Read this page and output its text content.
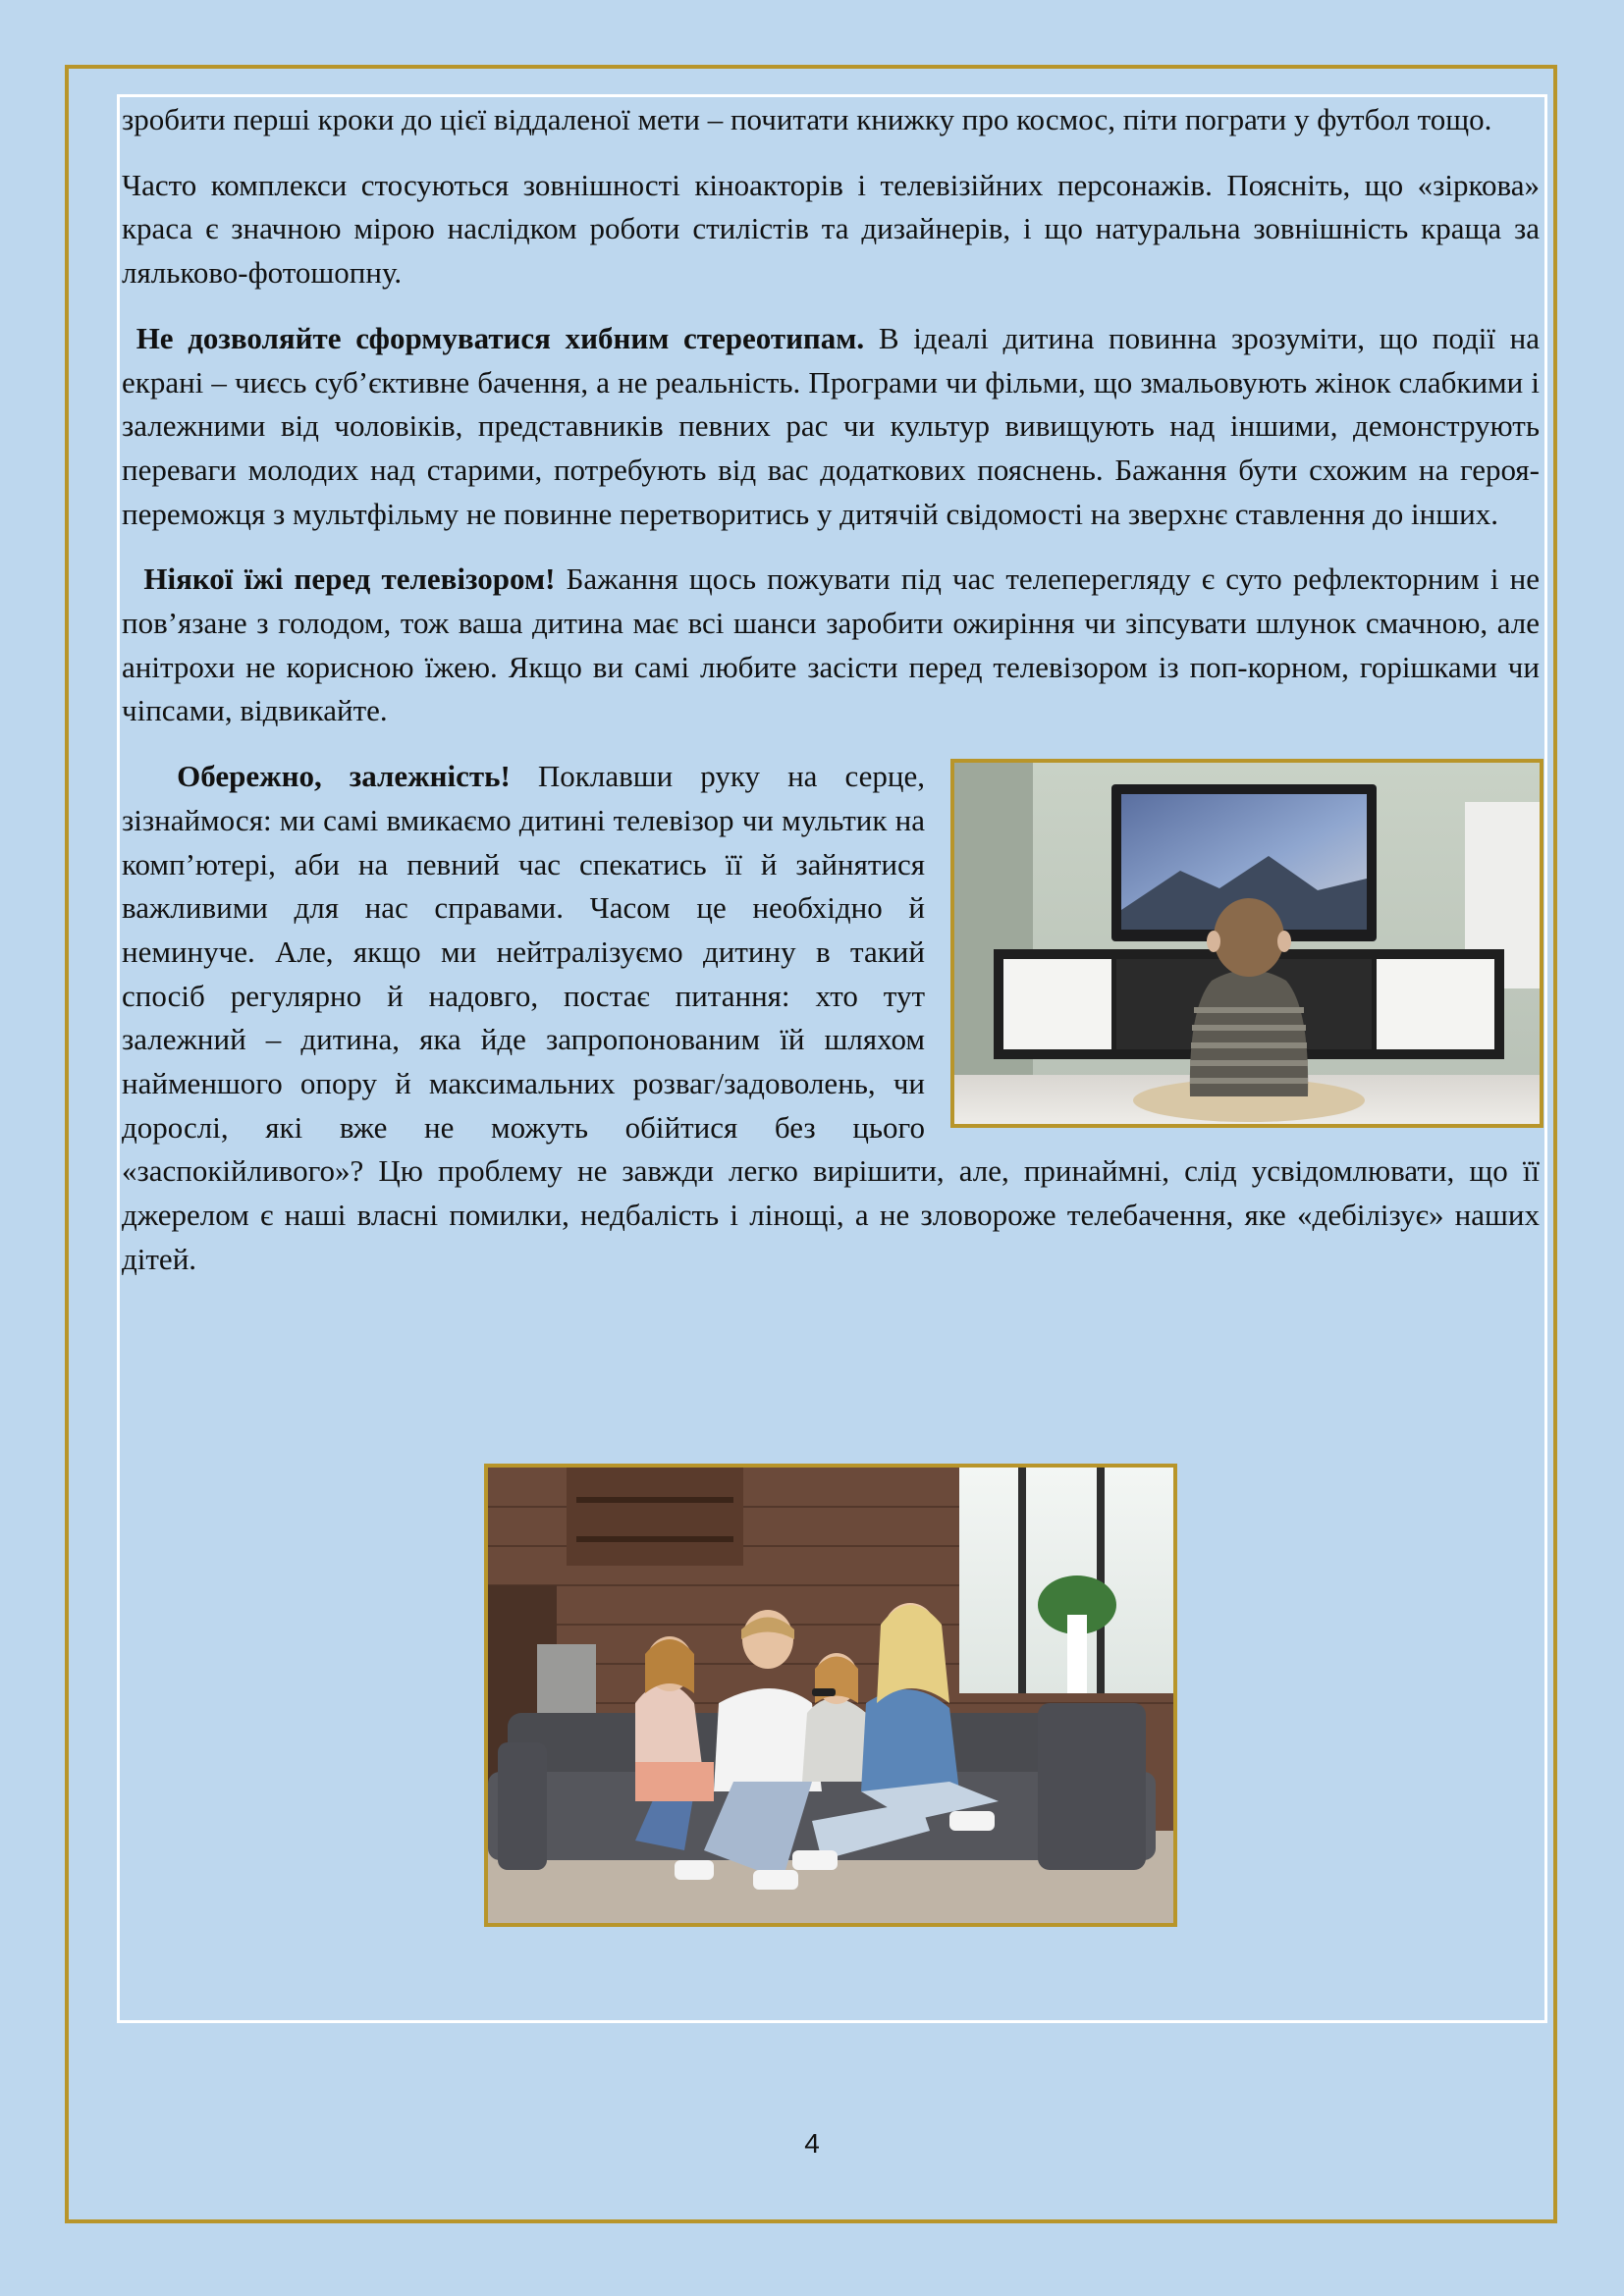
зробити перші кроки до цієї віддаленої мети – почитати книжку про космос, піти пограти у футбол тощо.

Часто комплекси стосуються зовнішності кіноакторів і телевізійних персонажів. Поясніть, що «зіркова» краса є значною мірою наслідком роботи стилістів та дизайнерів, і що натуральна зовнішність краща за ляльково-фотошопну.

Не дозволяйте сформуватися хибним стереотипам. В ідеалі дитина повинна зрозуміти, що події на екрані – чиєсь суб’єктивне бачення, а не реальність. Програми чи фільми, що змальовують жінок слабкими і залежними від чоловіків, представників певних рас чи культур вивищують над іншими, демонструють переваги молодих над старими, потребують від вас додаткових пояснень. Бажання бути схожим на героя-переможця з мультфільму не повинне перетворитись у дитячій свідомості на зверхнє ставлення до інших.

Ніякої їжі перед телевізором! Бажання щось пожувати під час телеперегляду є суто рефлекторним і не пов’язане з голодом, тож ваша дитина має всі шанси заробити ожиріння чи зіпсувати шлунок смачною, але анітрохи не корисною їжею. Якщо ви самі любите засісти перед телевізором із поп-корном, горішками чи чіпсами, відвикайте.

Обережно, залежність! Поклавши руку на серце, зізнаймося: ми самі вмикаємо дитині телевізор чи мультик на комп’ютері, аби на певний час спекатись її й зайнятися важливими для нас справами. Часом це необхідно й неминуче. Але, якщо ми нейтралізуємо дитину в такий спосіб регулярно й надовго, постає питання: хто тут залежний – дитина, яка йде запропонованим їй шляхом найменшого опору й максимальних розваг/задоволень, чи дорослі, які вже не можуть обійтися без цього «заспокійливого»? Цю проблему не завжди легко вирішити, але, принаймні, слід усвідомлювати, що її джерелом є наші власні помилки, недбалість і лінощі, а не зловороже телебачення, яке «дебілізує» наших дітей.

4
